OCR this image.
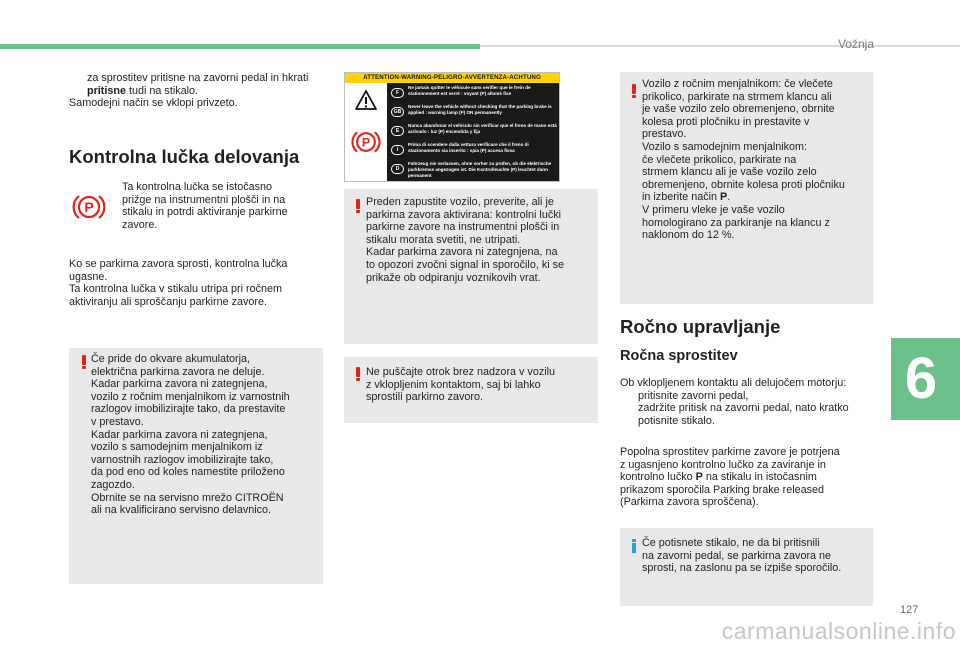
Vožnja
6
127
carmanualsonline.info
za sprostitev pritisne na zavorni pedal in hkrati pritisne tudi na stikalo.

Samodejni način se vklopi privzeto.

Kontrolna lučka delovanja
P

Ta kontrolna lučka se istočasno

prižge na instrumentni plošči in na

stikalu in potrdi aktiviranje parkirne

zavore.

Ko se parkirna zavora sprosti, kontrolna lučka

ugasne.

Ta kontrolna lučka v stikalu utripa pri ročnem

aktiviranju ali sproščanju parkirne zavore.

Če pride do okvare akumulatorja,

električna parkirna zavora ne deluje.

Kadar parkirna zavora ni zategnjena,

vozilo z ročnim menjalnikom iz varnostnih

razlogov imobilizirajte tako, da prestavite

v prestavo.

Kadar parkirna zavora ni zategnjena,

vozilo s samodejnim menjalnikom iz

varnostnih razlogov imobilizirajte tako,

da pod eno od koles namestite priloženo

zagozdo.

Obrnite se na servisno mrežo CITROËN

ali na kvalificirano servisno delavnico.

ATTENTION-WARNING-PELIGRO-AVVERTENZA-ACHTUNG
P
F
Ne jamais quitter le véhicule sans vérifier que le frein de stationnement est serré : voyant (P) allumé fixe
GB
Never leave the vehicle without checking that the parking brake is applied : warning lamp (P) ON permanently
E
Nunca abandonar el vehículo sin verificar que el freno de mano está activado : luz (P) encendida y fija
I
Prima di scendere dalla vettura verificare che il freno di stazionamento sia inserito : spia (P) accesa fissa
D
Fahrzeug nie verlassen, ohne vorher zu prüfen, ob die elektrische parkbremse angezogen ist. Die Kontrolleuchte (P) leuchtet dann permanent

Preden zapustite vozilo, preverite, ali je

parkirna zavora aktivirana: kontrolni lučki

parkirne zavore na instrumentni plošči in

stikalu morata svetiti, ne utripati.

Kadar parkirna zavora ni zategnjena, na

to opozori zvočni signal in sporočilo, ki se

prikaže ob odpiranju voznikovih vrat.

Ne puščajte otrok brez nadzora v vozilu

z vklopljenim kontaktom, saj bi lahko

sprostili parkirno zavoro.

Vozilo z ročnim menjalnikom: če vlečete

prikolico, parkirate na strmem klancu ali

je vaše vozilo zelo obremenjeno, obrnite

kolesa proti pločniku in prestavite v

prestavo.

Vozilo s samodejnim menjalnikom:

če vlečete prikolico, parkirate na

strmem klancu ali je vaše vozilo zelo

obremenjeno, obrnite kolesa proti pločniku

in izberite način P.

V primeru vleke je vaše vozilo

homologirano za parkiranje na klancu z

naklonom do 12 %.

Ročno upravljanje
Ročna sprostitev

Ob vklopljenem kontaktu ali delujočem motorju:

pritisnite zavorni pedal,
zadržite pritisk na zavorni pedal, nato kratko
potisnite stikalo.

Popolna sprostitev parkirne zavore je potrjena

z ugasnjeno kontrolno lučko za zaviranje in

kontrolno lučko P na stikalu in istočasnim

prikazom sporočila Parking brake released

(Parkirna zavora sproščena).

Če potisnete stikalo, ne da bi pritisnili

na zavorni pedal, se parkirna zavora ne

sprosti, na zaslonu pa se izpiše sporočilo.
